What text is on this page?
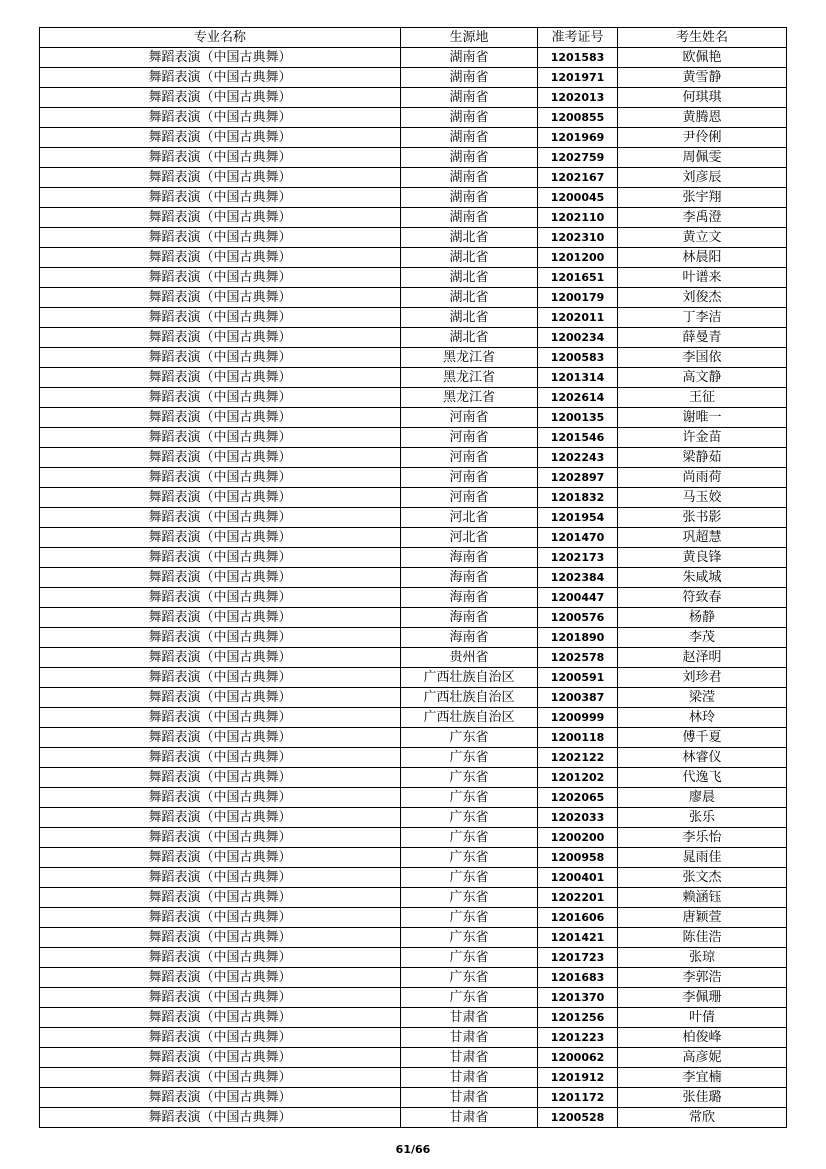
专业名称	生源地	准考证号	考生姓名
舞蹈表演（中国古典舞）	湖南省	1201583	欧佩艳
舞蹈表演（中国古典舞）	湖南省	1201971	黄雪静
舞蹈表演（中国古典舞）	湖南省	1202013	何琪琪
舞蹈表演（中国古典舞）	湖南省	1200855	黄腾恩
舞蹈表演（中国古典舞）	湖南省	1201969	尹伶俐
舞蹈表演（中国古典舞）	湖南省	1202759	周佩雯
舞蹈表演（中国古典舞）	湖南省	1202167	刘彦辰
舞蹈表演（中国古典舞）	湖南省	1200045	张宇翔
舞蹈表演（中国古典舞）	湖南省	1202110	李禹澄
舞蹈表演（中国古典舞）	湖北省	1202310	黄立文
舞蹈表演（中国古典舞）	湖北省	1201200	林晨阳
舞蹈表演（中国古典舞）	湖北省	1201651	叶谱来
舞蹈表演（中国古典舞）	湖北省	1200179	刘俊杰
舞蹈表演（中国古典舞）	湖北省	1202011	丁李洁
舞蹈表演（中国古典舞）	湖北省	1200234	薛曼青
舞蹈表演（中国古典舞）	黑龙江省	1200583	李国依
舞蹈表演（中国古典舞）	黑龙江省	1201314	高文静
舞蹈表演（中国古典舞）	黑龙江省	1202614	王征
舞蹈表演（中国古典舞）	河南省	1200135	谢唯一
舞蹈表演（中国古典舞）	河南省	1201546	许金苗
舞蹈表演（中国古典舞）	河南省	1202243	梁静茹
舞蹈表演（中国古典舞）	河南省	1202897	尚雨荷
舞蹈表演（中国古典舞）	河南省	1201832	马玉姣
舞蹈表演（中国古典舞）	河北省	1201954	张书影
舞蹈表演（中国古典舞）	河北省	1201470	巩超慧
舞蹈表演（中国古典舞）	海南省	1202173	黄良锋
舞蹈表演（中国古典舞）	海南省	1202384	朱咸城
舞蹈表演（中国古典舞）	海南省	1200447	符致春
舞蹈表演（中国古典舞）	海南省	1200576	杨静
舞蹈表演（中国古典舞）	海南省	1201890	李茂
舞蹈表演（中国古典舞）	贵州省	1202578	赵泽明
舞蹈表演（中国古典舞）	广西壮族自治区	1200591	刘珍君
舞蹈表演（中国古典舞）	广西壮族自治区	1200387	梁滢
舞蹈表演（中国古典舞）	广西壮族自治区	1200999	林玲
舞蹈表演（中国古典舞）	广东省	1200118	傅千夏
舞蹈表演（中国古典舞）	广东省	1202122	林睿仪
舞蹈表演（中国古典舞）	广东省	1201202	代逸飞
舞蹈表演（中国古典舞）	广东省	1202065	廖晨
舞蹈表演（中国古典舞）	广东省	1202033	张乐
舞蹈表演（中国古典舞）	广东省	1200200	李乐怡
舞蹈表演（中国古典舞）	广东省	1200958	晁雨佳
舞蹈表演（中国古典舞）	广东省	1200401	张文杰
舞蹈表演（中国古典舞）	广东省	1202201	赖涵钰
舞蹈表演（中国古典舞）	广东省	1201606	唐颖萱
舞蹈表演（中国古典舞）	广东省	1201421	陈佳浩
舞蹈表演（中国古典舞）	广东省	1201723	张琼
舞蹈表演（中国古典舞）	广东省	1201683	李郭浩
舞蹈表演（中国古典舞）	广东省	1201370	李佩珊
舞蹈表演（中国古典舞）	甘肃省	1201256	叶倩
舞蹈表演（中国古典舞）	甘肃省	1201223	柏俊峰
舞蹈表演（中国古典舞）	甘肃省	1200062	高彦妮
舞蹈表演（中国古典舞）	甘肃省	1201912	李宜楠
舞蹈表演（中国古典舞）	甘肃省	1201172	张佳璐
舞蹈表演（中国古典舞）	甘肃省	1200528	常欣
61/66
